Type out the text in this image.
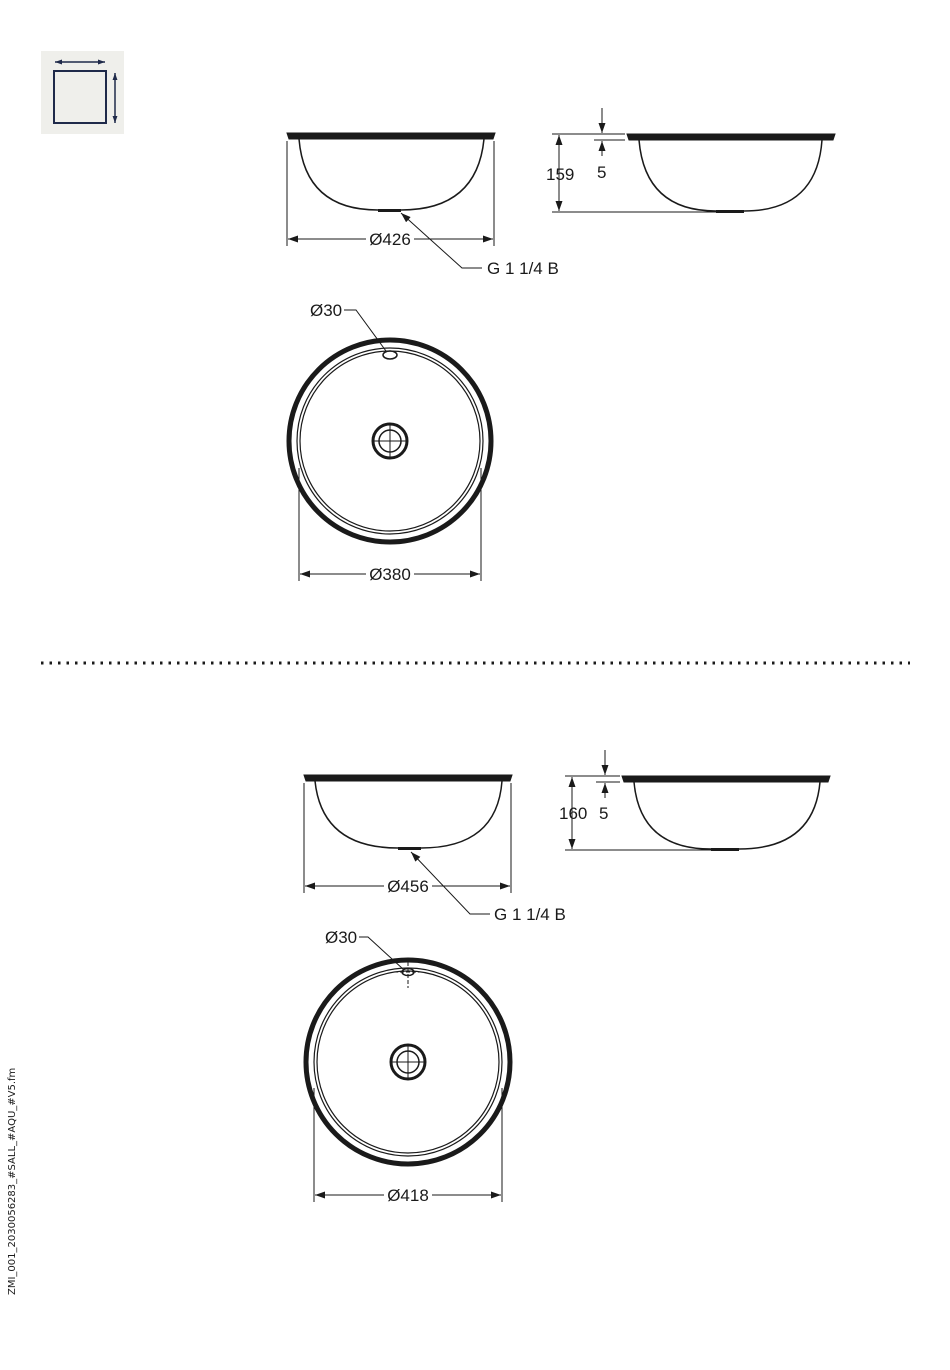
Ø426
G 1 1/4 B
159 5
Ø30
Ø380
Ø456
G 1 1/4 B
160 5
Ø30
Ø418
ZMI_001_2030056283_#SALL_#AQU_#V5.fm
